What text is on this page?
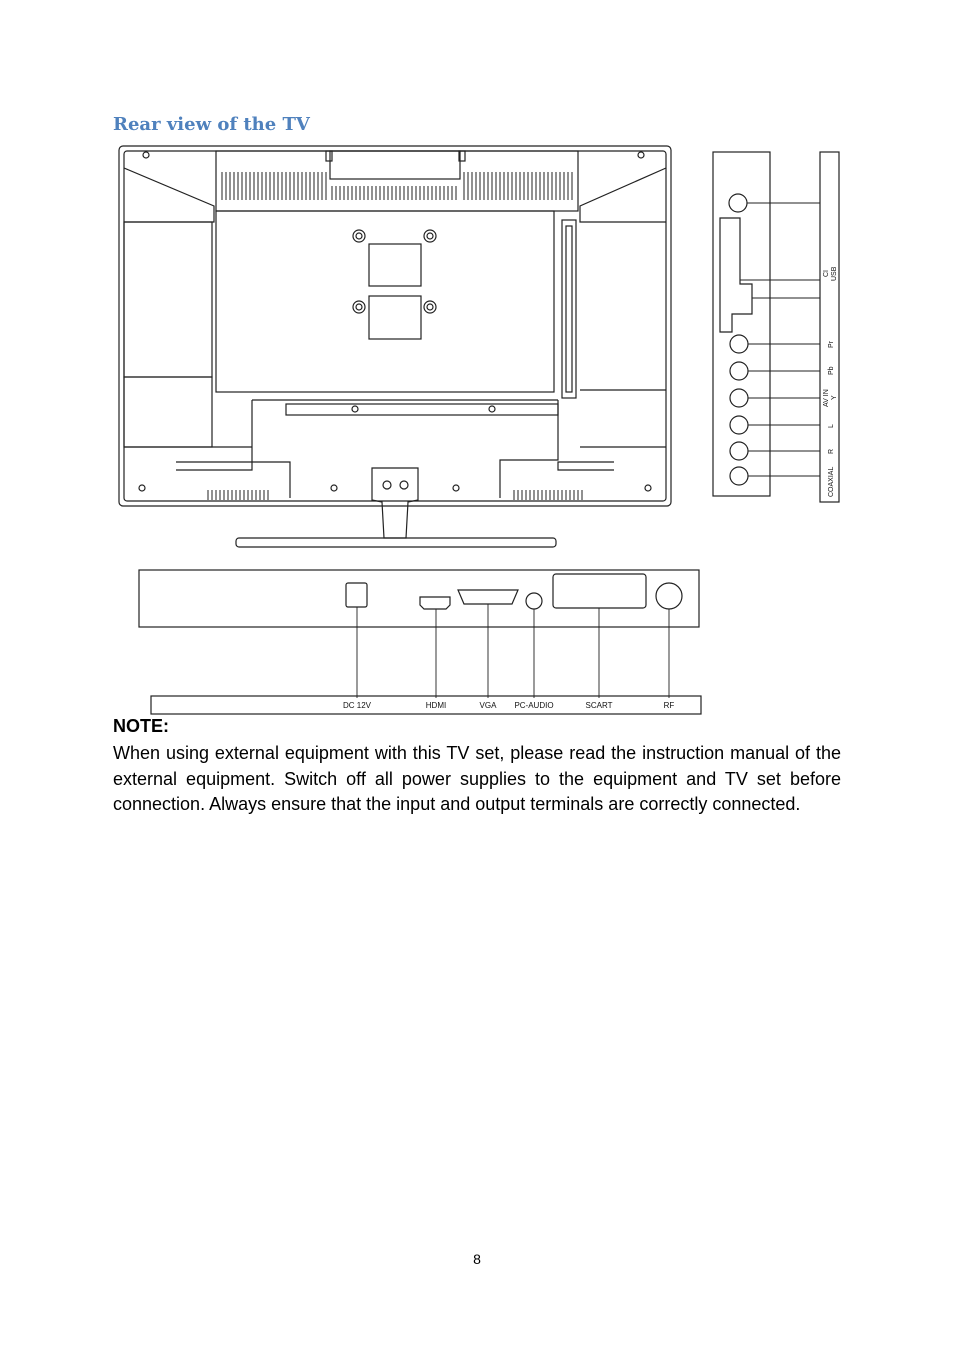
Rear view of the TV
CI USB
Pr
Pb
AV IN Y
L
R
COAXIAL
DC 12V	HDMI	VGA PC-AUDIO	SCART	RF
NOTE:

When using external equipment with this TV set, please read the instruction manual of the external equipment. Switch off all power supplies to the equipment and TV set before connection. Always ensure that the input and output terminals are correctly connected.

8
